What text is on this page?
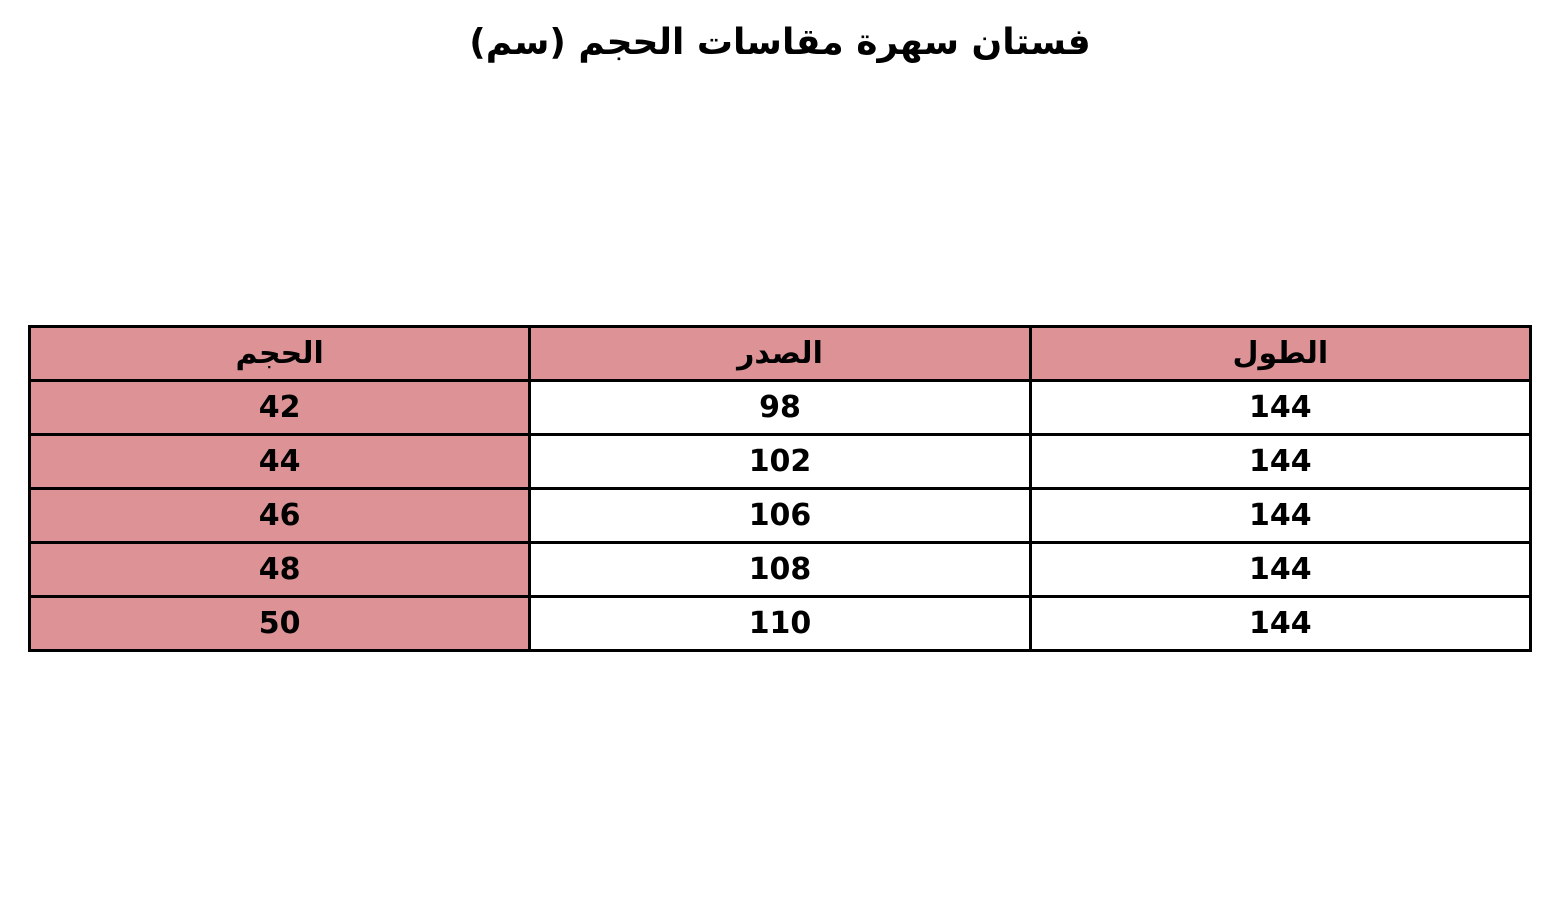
فستان سهرة مقاسات الحجم (سم)
الطول	الصدر	الحجم
144	98	42
144	102	44
144	106	46
144	108	48
144	110	50
